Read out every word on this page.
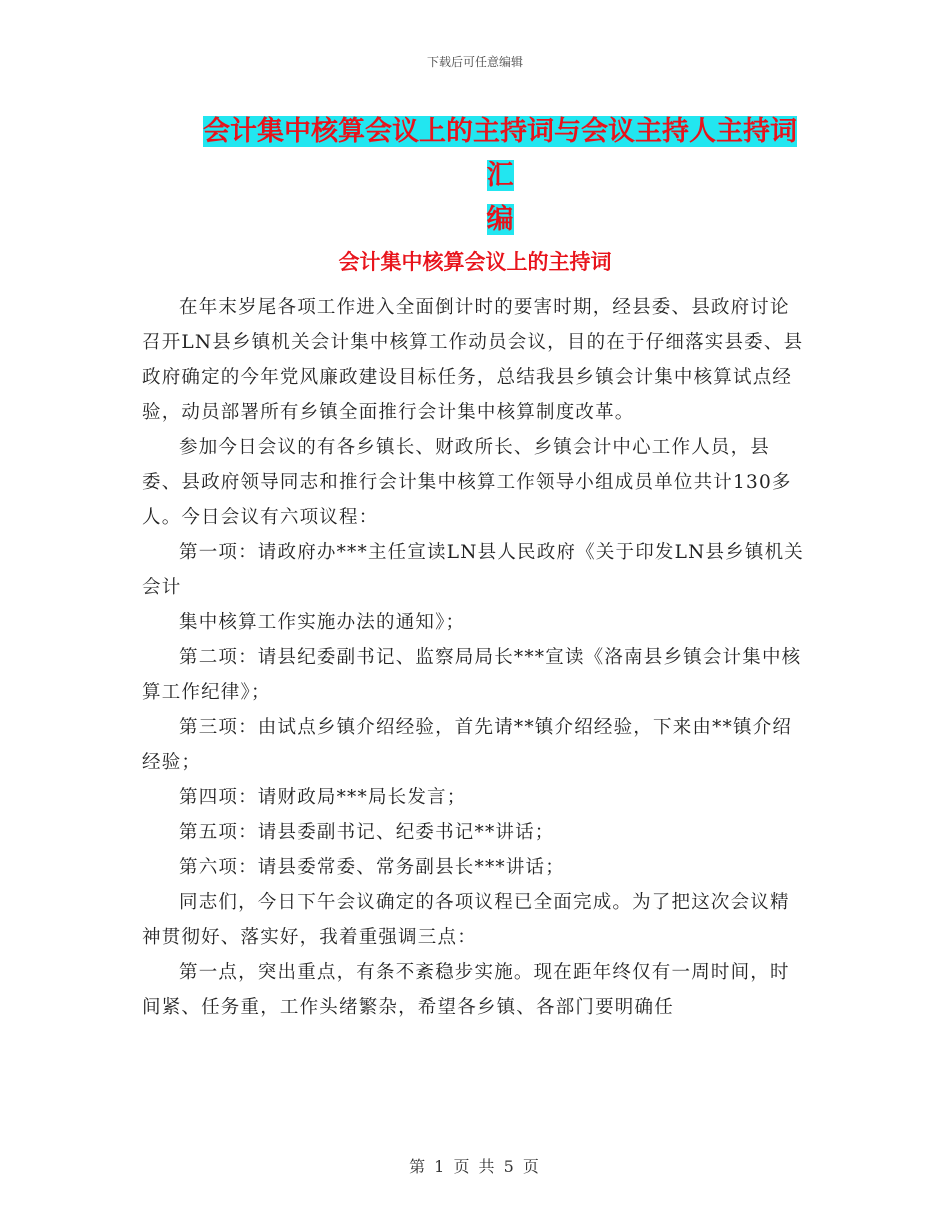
下载后可任意编辑
会计集中核算会议上的主持词与会议主持人主持词汇
编
会计集中核算会议上的主持词

在年末岁尾各项工作进入全面倒计时的要害时期，经县委、县政府讨论召开LN县乡镇机关会计集中核算工作动员会议，目的在于仔细落实县委、县政府确定的今年党风廉政建设目标任务，总结我县乡镇会计集中核算试点经验，动员部署所有乡镇全面推行会计集中核算制度改革。

参加今日会议的有各乡镇长、财政所长、乡镇会计中心工作人员，县委、县政府领导同志和推行会计集中核算工作领导小组成员单位共计130多人。今日会议有六项议程：

第一项：请政府办***主任宣读LN县人民政府《关于印发LN县乡镇机关会计

集中核算工作实施办法的通知》；

第二项：请县纪委副书记、监察局局长***宣读《洛南县乡镇会计集中核算工作纪律》；

第三项：由试点乡镇介绍经验，首先请**镇介绍经验，下来由**镇介绍经验；

第四项：请财政局***局长发言；

第五项：请县委副书记、纪委书记**讲话；

第六项：请县委常委、常务副县长***讲话；

同志们，今日下午会议确定的各项议程已全面完成。为了把这次会议精神贯彻好、落实好，我着重强调三点：

第一点，突出重点，有条不紊稳步实施。现在距年终仅有一周时间，时间紧、任务重，工作头绪繁杂，希望各乡镇、各部门要明确任

第 1 页 共 5 页
